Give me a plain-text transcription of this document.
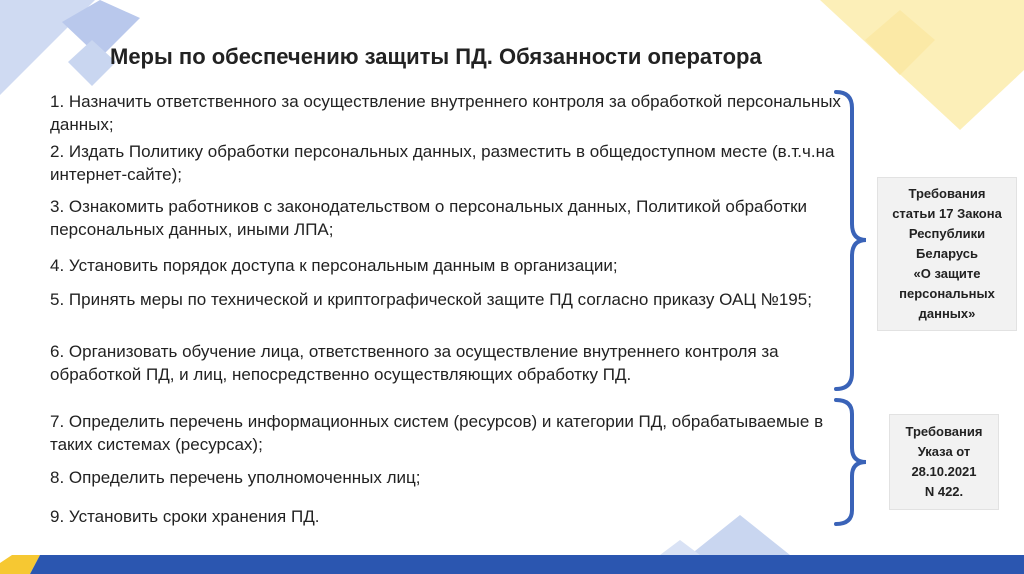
Меры по обеспечению защиты ПД. Обязанности оператора

1. Назначить ответственного за осуществление внутреннего контроля за обработкой персональных данных;

2. Издать Политику обработки персональных данных, разместить в общедоступном месте (в.т.ч.на интернет-сайте);

3. Ознакомить работников с законодательством о персональных данных, Политикой обработки персональных данных, иными ЛПА;

4. Установить порядок доступа к персональным данным в организации;

5. Принять меры по технической и криптографической защите ПД согласно приказу ОАЦ №195;

6. Организовать обучение лица, ответственного за осуществление внутреннего контроля за обработкой ПД, и лиц, непосредственно осуществляющих обработку ПД.

7. Определить перечень информационных систем (ресурсов) и категории ПД, обрабатываемые в таких системах (ресурсах);

8. Определить перечень уполномоченных лиц;

9. Установить сроки хранения ПД.

Требования
статьи 17 Закона
Республики
Беларусь
«О защите
персональных
данных»
Требования
Указа от
28.10.2021
N 422.
